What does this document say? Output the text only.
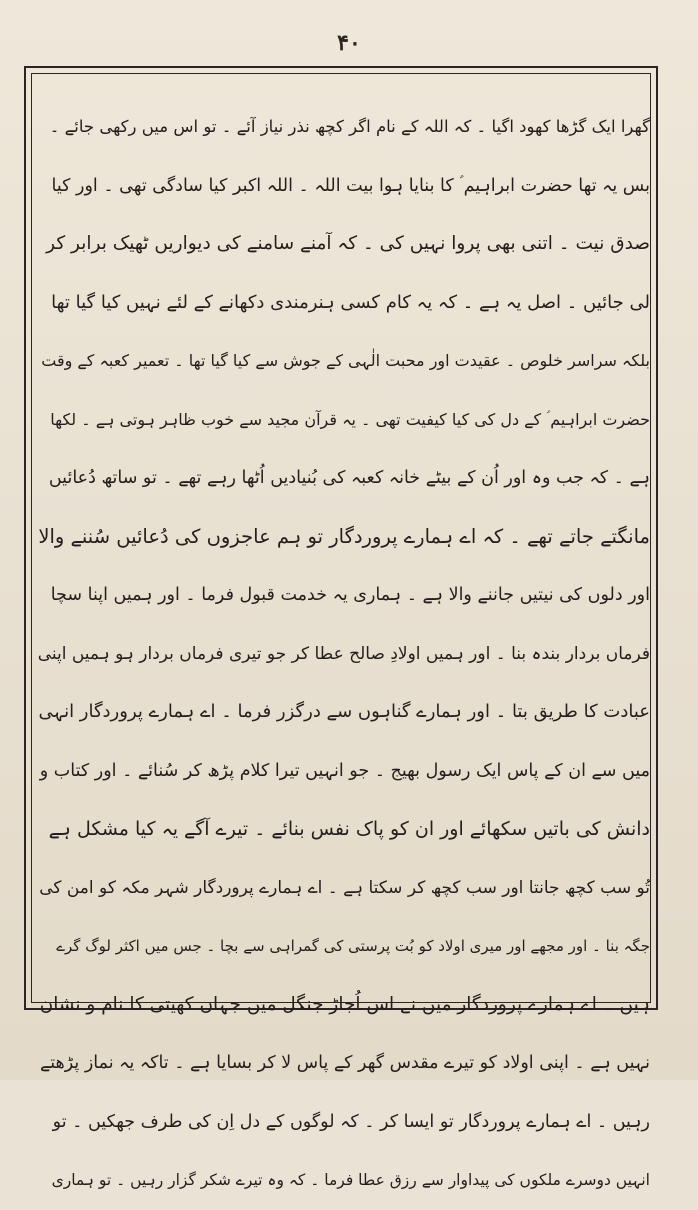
۴۰
گھرا ایک گڑھا کھود اگیا ۔ کہ اللہ کے نام اگر کچھ نذر نیاز آئے ۔ تو اس میں رکھی جائے ۔
بس یہ تھا حضرت ابراہیم ؑ کا بنایا ہوا بیت اللہ ۔ اللہ اکبر کیا سادگی تھی ۔ اور کیا
صدق نیت ۔ اتنی بھی پروا نہیں کی ۔ کہ آمنے سامنے کی دیواریں ٹھیک برابر کر
لی جائیں ۔ اصل یہ ہے ۔ کہ یہ کام کسی ہنرمندی دکھانے کے لئے نہیں کیا گیا تھا
بلکہ سراسر خلوص ۔ عقیدت اور محبت الٰہی کے جوش سے کیا گیا تھا ۔ تعمیر کعبہ کے وقت
حضرت ابراہیم ؑ کے دل کی کیا کیفیت تھی ۔ یہ قرآن مجید سے خوب ظاہر ہوتی ہے ۔ لکھا
ہے ۔ کہ جب وہ اور اُن کے بیٹے خانہ کعبہ کی بُنیادیں اُٹھا رہے تھے ۔ تو ساتھ دُعائیں
مانگتے جاتے تھے ۔ کہ اے ہمارے پروردگار تو ہم عاجزوں کی دُعائیں سُننے والا
اور دلوں کی نیتیں جاننے والا ہے ۔ ہماری یہ خدمت قبول فرما ۔ اور ہمیں اپنا سچا
فرماں بردار بندہ بنا ۔ اور ہمیں اولادِ صالح عطا کر جو تیری فرماں بردار ہو ہمیں اپنی
عبادت کا طریق بتا ۔ اور ہمارے گناہوں سے درگزر فرما ۔ اے ہمارے پروردگار انہی
میں سے ان کے پاس ایک رسول بھیج ۔ جو انہیں تیرا کلام پڑھ کر سُنائے ۔ اور کتاب و
دانش کی باتیں سکھائے اور ان کو پاک نفس بنائے ۔ تیرے آگے یہ کیا مشکل ہے
تُو سب کچھ جانتا اور سب کچھ کر سکتا ہے ۔ اے ہمارے پروردگار شہر مکہ کو امن کی
جگہ بنا ۔ اور مجھے اور میری اولاد کو بُت پرستی کی گمراہی سے بچا ۔ جس میں اکثر لوگ گرے
ہیں ۔ اے ہمارے پروردگار میں نے اس اُجاڑ جنگل میں جہاں کھیتی کا نام و نشان
نہیں ہے ۔ اپنی اولاد کو تیرے مقدس گھر کے پاس لا کر بسایا ہے ۔ تاکہ یہ نماز پڑھتے
رہیں ۔ اے ہمارے پروردگار تو ایسا کر ۔ کہ لوگوں کے دل اِن کی طرف جھکیں ۔ تو
انہیں دوسرے ملکوں کی پیداوار سے رزق عطا فرما ۔ کہ وہ تیرے شکر گزار رہیں ۔ تو ہماری
